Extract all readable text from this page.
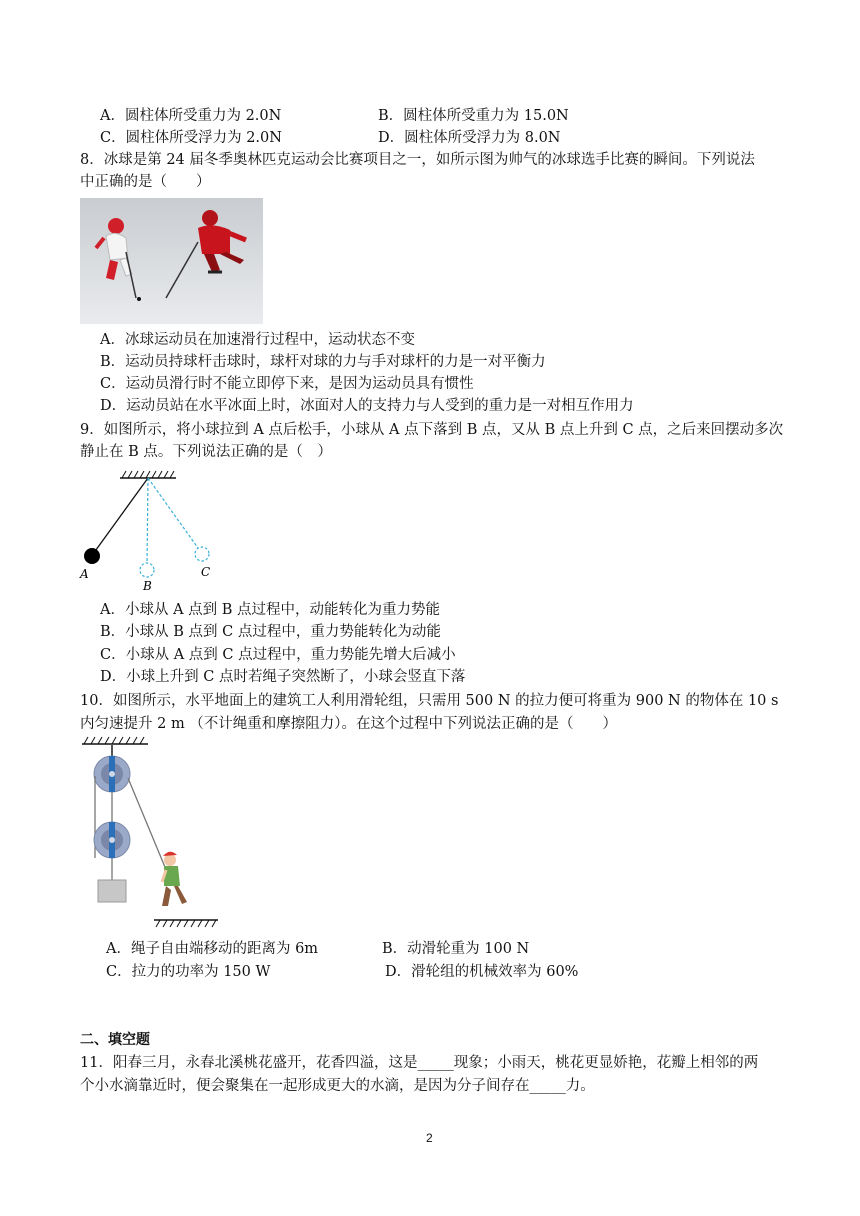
A．圆柱体所受重力为 2.0N	B．圆柱体所受重力为 15.0N
C．圆柱体所受浮力为 2.0N	D．圆柱体所受浮力为 8.0N
8．冰球是第 24 届冬季奥林匹克运动会比赛项目之一，如所示图为帅气的冰球选手比赛的瞬间。下列说法
中正确的是（　　）
A．冰球运动员在加速滑行过程中，运动状态不变
B．运动员持球杆击球时，球杆对球的力与手对球杆的力是一对平衡力
C．运动员滑行时不能立即停下来，是因为运动员具有惯性
D．运动员站在水平冰面上时，冰面对人的支持力与人受到的重力是一对相互作用力
9．如图所示，将小球拉到 A 点后松手，小球从 A 点下落到 B 点，又从 B 点上升到 C 点，之后来回摆动多次
静止在 B 点。下列说法正确的是（　）
A
B
C
A．小球从 A 点到 B 点过程中，动能转化为重力势能
B．小球从 B 点到 C 点过程中，重力势能转化为动能
C．小球从 A 点到 C 点过程中，重力势能先增大后减小
D．小球上升到 C 点时若绳子突然断了，小球会竖直下落
10．如图所示，水平地面上的建筑工人利用滑轮组，只需用 500 N 的拉力便可将重为 900 N 的物体在 10 s
内匀速提升 2 m （不计绳重和摩擦阻力）。在这个过程中下列说法正确的是（　　）
A．绳子自由端移动的距离为 6m	B．动滑轮重为 100 N
C．拉力的功率为 150 W	D．滑轮组的机械效率为 60%
二、填空题
11．阳春三月，永春北溪桃花盛开，花香四溢，这是_____现象；小雨天，桃花更显娇艳，花瓣上相邻的两
个小水滴靠近时，便会聚集在一起形成更大的水滴，是因为分子间存在_____力。
2
